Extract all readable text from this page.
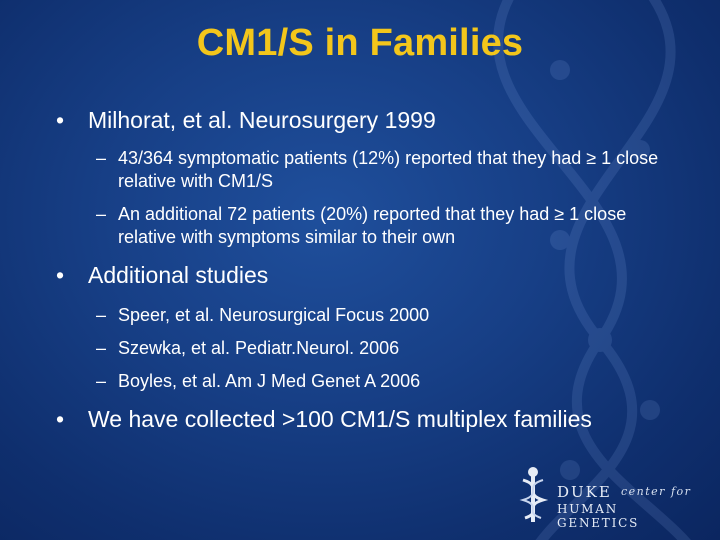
CM1/S in Families
• Milhorat, et al. Neurosurgery 1999
– 43/364 symptomatic patients (12%) reported that they had ≥ 1 close relative with CM1/S
– An additional 72 patients (20%) reported that they had ≥ 1 close relative with symptoms similar to their own
• Additional studies
– Speer, et al. Neurosurgical Focus 2000
– Szewka, et al. Pediatr.Neurol. 2006
– Boyles, et al. Am J Med Genet A 2006
• We have collected >100 CM1/S multiplex families
DUKE center for
HUMAN GENETICS
